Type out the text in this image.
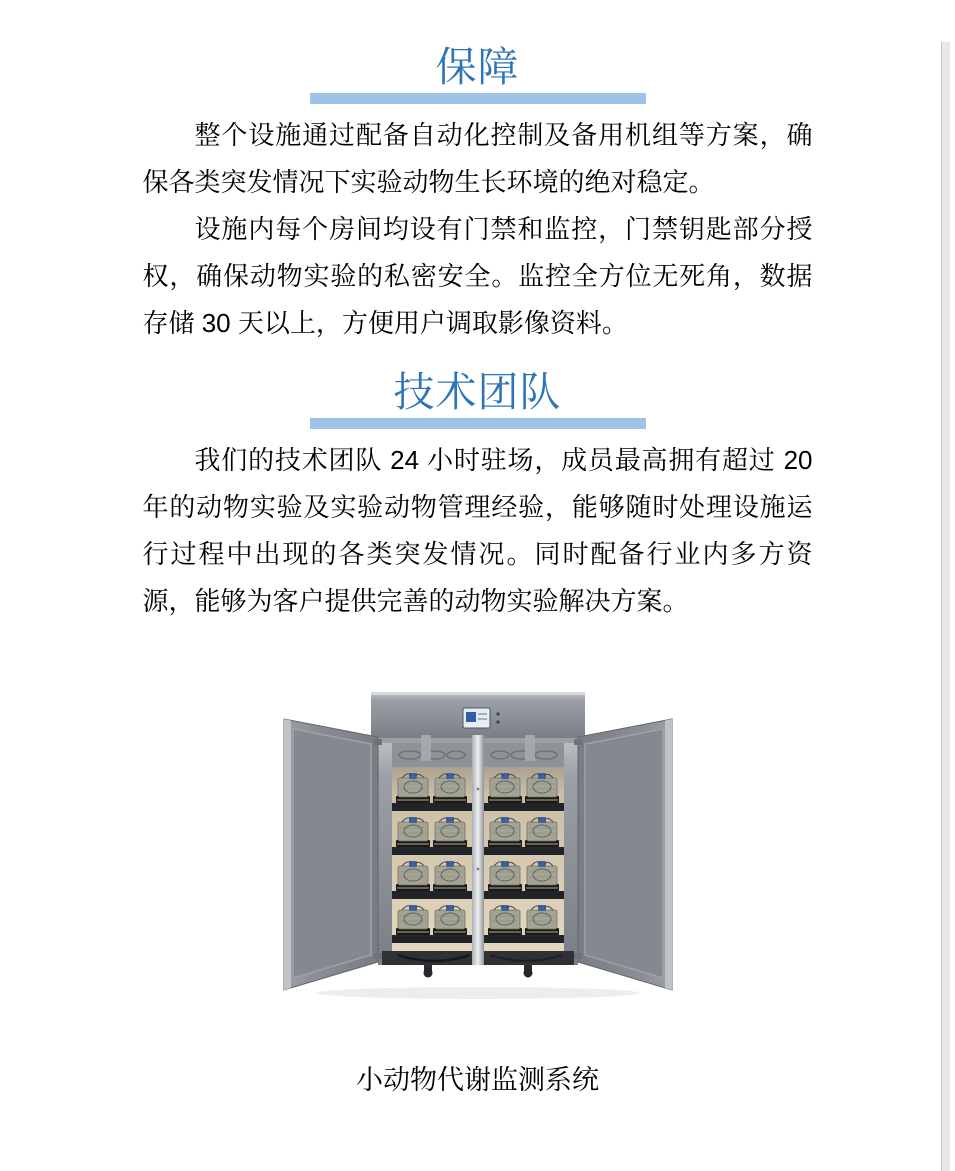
保障

整个设施通过配备自动化控制及备用机组等方案，确保各类突发情况下实验动物生长环境的绝对稳定。

设施内每个房间均设有门禁和监控，门禁钥匙部分授权，确保动物实验的私密安全。监控全方位无死角，数据存储 30 天以上，方便用户调取影像资料。

技术团队

我们的技术团队 24 小时驻场，成员最高拥有超过 20 年的动物实验及实验动物管理经验，能够随时处理设施运行过程中出现的各类突发情况。同时配备行业内多方资源，能够为客户提供完善的动物实验解决方案。

小动物代谢监测系统
